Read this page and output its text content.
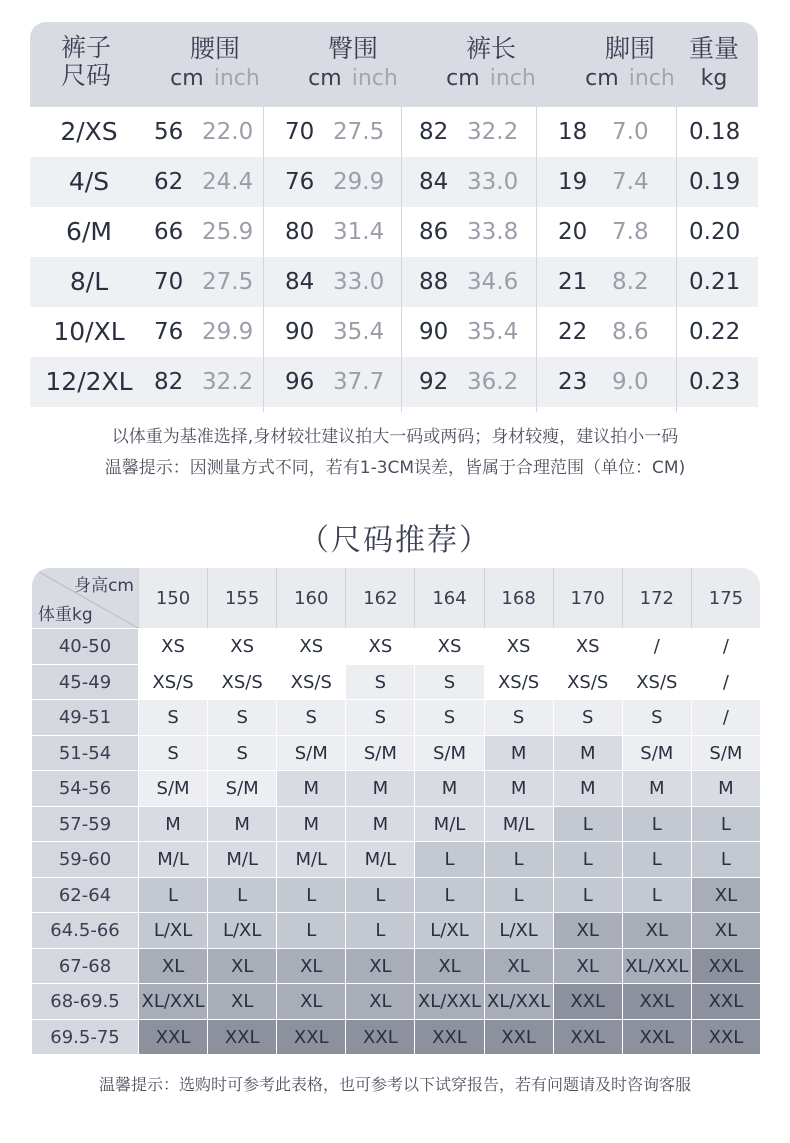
裤子
尺码
腰围
cm inch
臀围
cm inch
裤长
cm inch
脚围
cm inch
重量
kg
2/XS	56 22.0 70 27.5 82 32.2 18 7.0 0.18
4/S	62 24.4 76 29.9 84 33.0 19 7.4 0.19
6/M	66 25.9 80 31.4 86 33.8 20 7.8 0.20
8/L	70 27.5 84 33.0 88 34.6 21 8.2 0.21
10/XL	76 29.9 90 35.4 90 35.4 22 8.6 0.22
12/2XL 82 32.2 96 37.7 92 36.2 23 9.0 0.23
以体重为基准选择,身材较壮建议拍大一码或两码；身材较瘦，建议拍小一码
温馨提示：因测量方式不同，若有1-3CM误差，皆属于合理范围（单位：CM)
（尺码推荐）
身高cm
体重kg
150	155	160	162	164	168	170	172	175
40-50	XS	XS	XS	XS	XS	XS	XS	/	/
45-49	XS/S	XS/S	XS/S	S	S	XS/S	XS/S	XS/S	/
49-51	S	S	S	S	S	S	S	S	/
51-54	S	S	S/M	S/M	S/M	M	M	S/M	S/M
54-56	S/M	S/M	M	M	M	M	M	M	M
57-59	M	M	M	M	M/L	M/L	L	L	L
59-60	M/L	M/L	M/L	M/L	L	L	L	L	L
62-64	L	L	L	L	L	L	L	L	XL
64.5-66	L/XL	L/XL	L	L	L/XL	L/XL	XL	XL	XL
67-68	XL	XL	XL	XL	XL	XL	XL	XL/XXL	XXL
68-69.5	XL/XXL	XL	XL	XL	XL/XXL XL/XXL	XXL	XXL	XXL
69.5-75	XXL	XXL	XXL	XXL	XXL	XXL	XXL	XXL	XXL
温馨提示：选购时可参考此表格，也可参考以下试穿报告，若有问题请及时咨询客服
